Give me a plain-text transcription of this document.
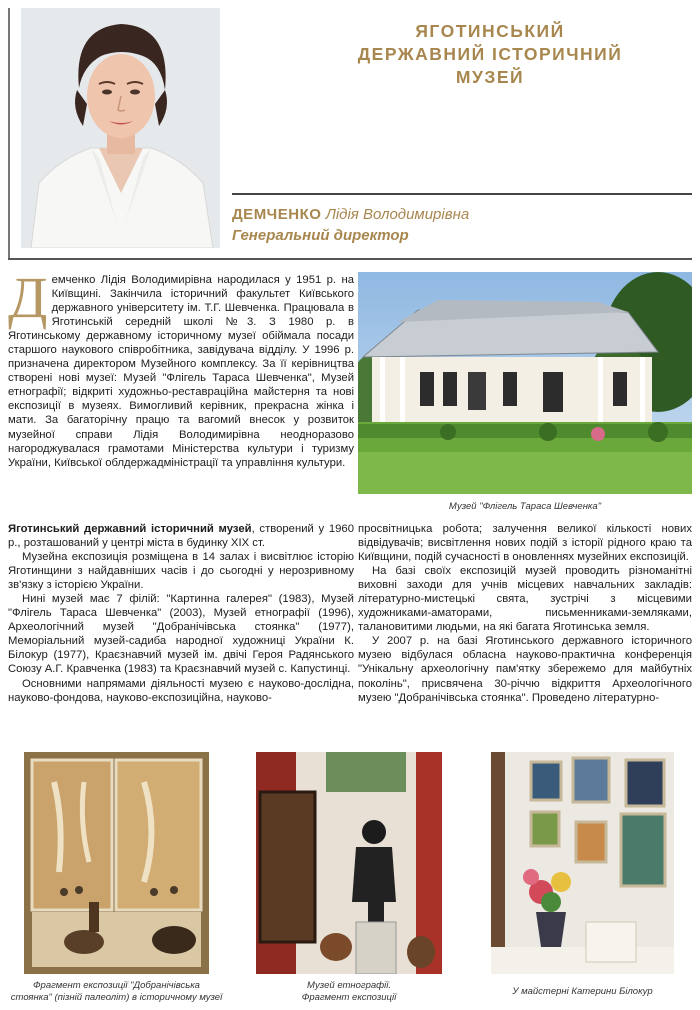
ЯГОТИНСЬКИЙ
ДЕРЖАВНИЙ ІСТОРИЧНИЙ
МУЗЕЙ
ДЕМЧЕНКО Лідія Володимирівна
Генеральний директор
Демченко Лідія Володимирівна народилася у 1951 р. на Київщині. Закінчила історичний факультет Київського державного університету ім. Т.Г. Шевченка. Працювала в Яготинській середній школі №3. З 1980 р. в Яготинському державному історичному музеї обіймала посади старшого наукового співробітника, завідувача відділу. У 1996 р. призначена директором Музейного комплексу. За її керівництва створені нові музеї: Музей "Флігель Тараса Шевченка", Музей етнографії; відкриті художньо-реставраційна майстерня та нові експозиції в музеях. Вимогливий керівник, прекрасна жінка і мати. За багаторічну працю та вагомий внесок у розвиток музейної справи Лідія Володимирівна неодноразово нагороджувалася грамотами Міністерства культури і туризму України, Київської облдержадміністрації та управління культури.
Музей "Флігель Тараса Шевченка"

Яготинський державний історичний музей, створений у 1960 р., розташований у центрі міста в будинку XIX ст.

Музейна експозиція розміщена в 14 залах і висвітлює історію Яготинщини з найдавніших часів і до сьогодні у нерозривному зв'язку з історією України.

Нині музей має 7 філій: "Картинна галерея" (1983), Музей "Флігель Тараса Шевченка" (2003), Музей етнографії (1996), Археологічний музей "Добранічівська стоянка" (1977), Меморіальний музей-садиба народної художниці України К. Білокур (1977), Краєзнавчий музей ім. двічі Героя Радянського Союзу А.Г. Кравченка (1983) та Краєзнавчий музей с. Капустинці.

Основними напрямами діяльності музею є науково-дослідна, науково-фондова, науково-експозиційна, науково-

просвітницька робота; залучення великої кількості нових відвідувачів; висвітлення нових подій з історії рідного краю та Київщини, подій сучасності в оновленнях музейних експозицій.

На базі своїх експозицій музей проводить різноманітні виховні заходи для учнів місцевих навчальних закладів: літературно-мистецькі свята, зустрічі з місцевими художниками-аматорами, письменниками-земляками, талановитими людьми, на які багата Яготинська земля.

У 2007 р. на базі Яготинського державного історичного музею відбулася обласна науково-практична конференція "Унікальну археологічну пам'ятку збережемо для майбутніх поколінь", присвячена 30-річчю відкриття Археологічного музею "Добранічівська стоянка". Проведено літературно-

Фрагмент експозиції "Добранічівська
стоянка" (пізній палеоліт) в історичному музеї
Музей етнографії.
Фрагмент експозиції
У майстерні Катерини Білокур
